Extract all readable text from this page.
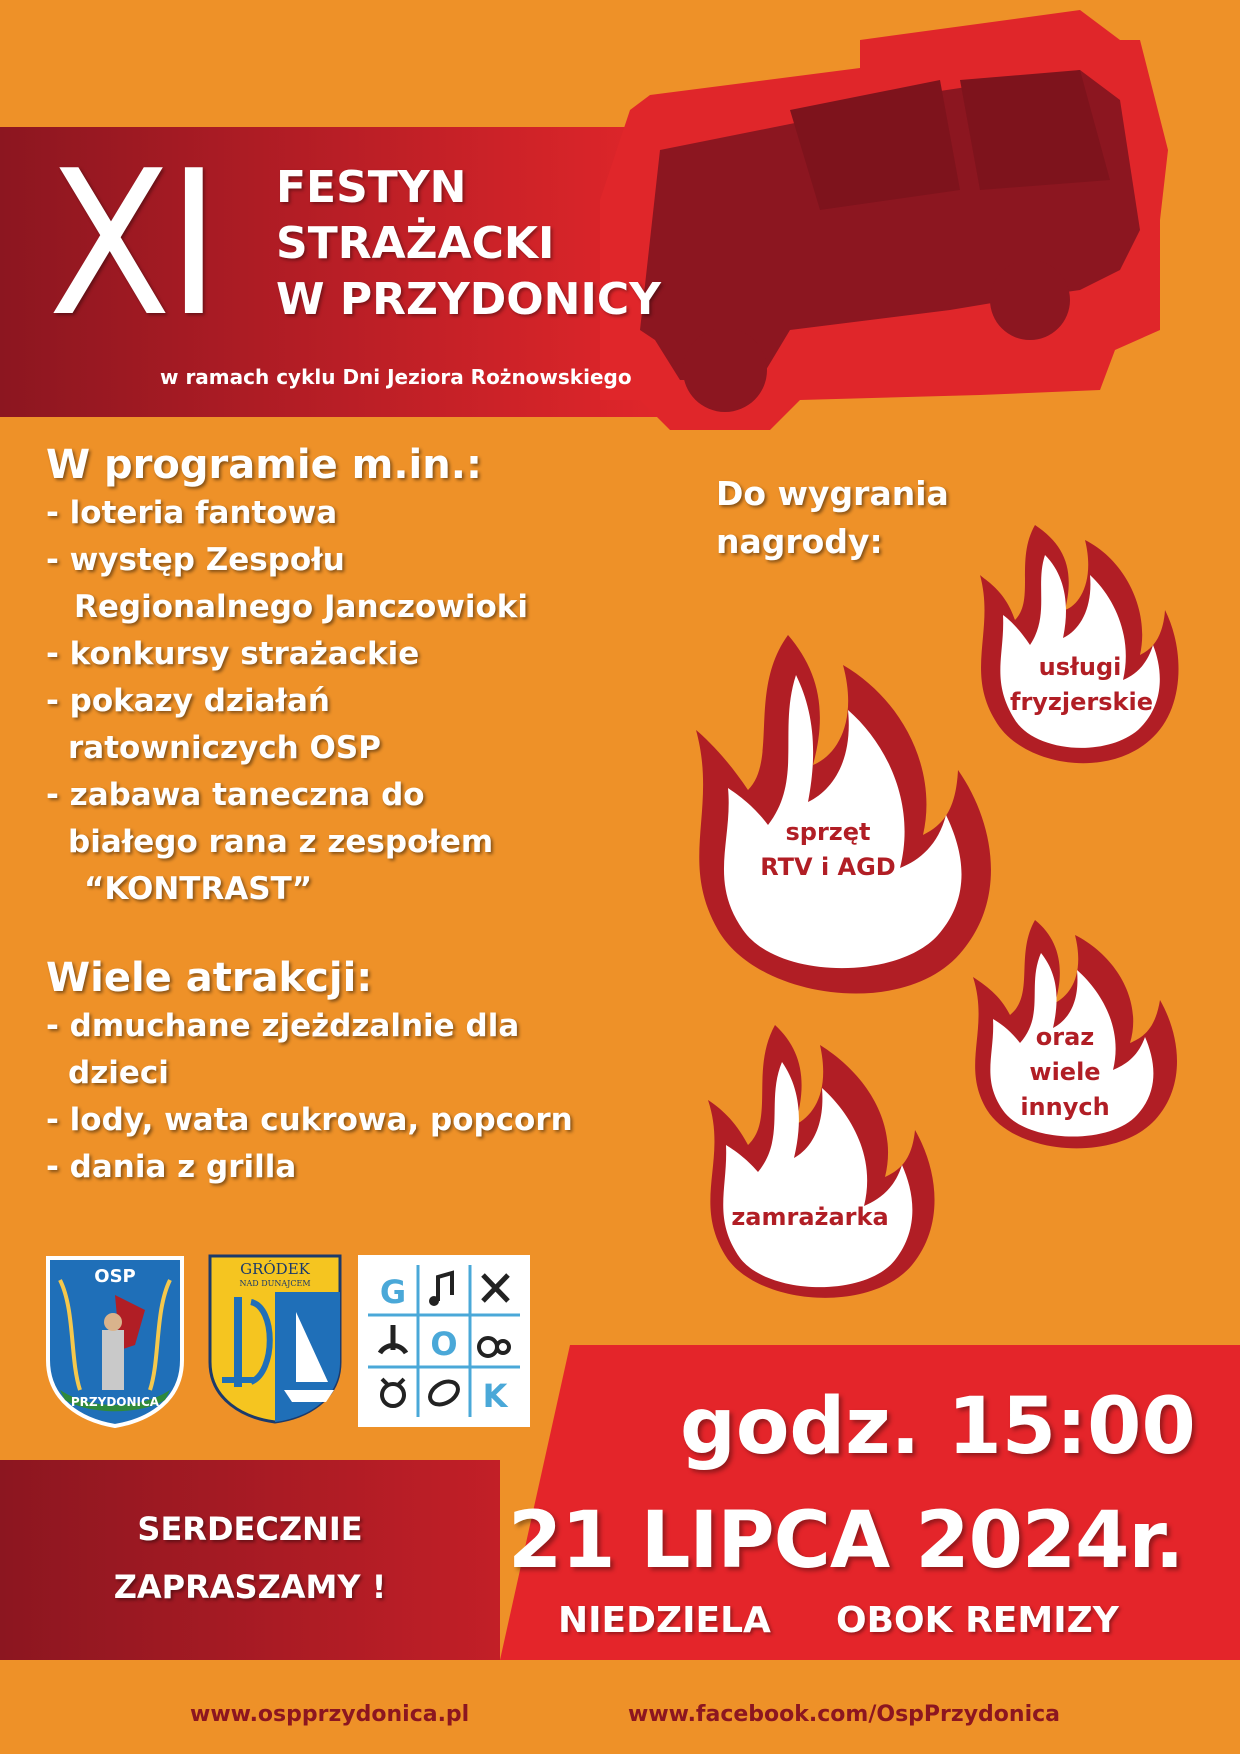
XI FESTYN
STRAŻACKI
W PRZYDONICY
w ramach cyklu Dni Jeziora Rożnowskiego
W programie m.in.:
- loteria fantowa
- występ Zespołu
Regionalnego Janczowioki
- konkursy strażackie
- pokazy działań
ratowniczych OSP
- zabawa taneczna do
białego rana z zespołem
“KONTRAST”
Wiele atrakcji:
- dmuchane zjeżdzalnie dla
dzieci
- lody, wata cukrowa, popcorn
- dania z grilla
Do wygrania
nagrody:
usługi
fryzjerskie
sprzęt
RTV i AGD
oraz
wiele
innych
zamrażarka
OSP
PRZYDONICA
GRÓDEK
NAD DUNAJCEM G
O
K
SERDECZNIE
ZAPRASZAMY !
godz. 15:00
21 LIPCA 2024r.
NIEDZIELA OBOK REMIZY
www.ospprzydonica.pl	www.facebook.com/OspPrzydonica
